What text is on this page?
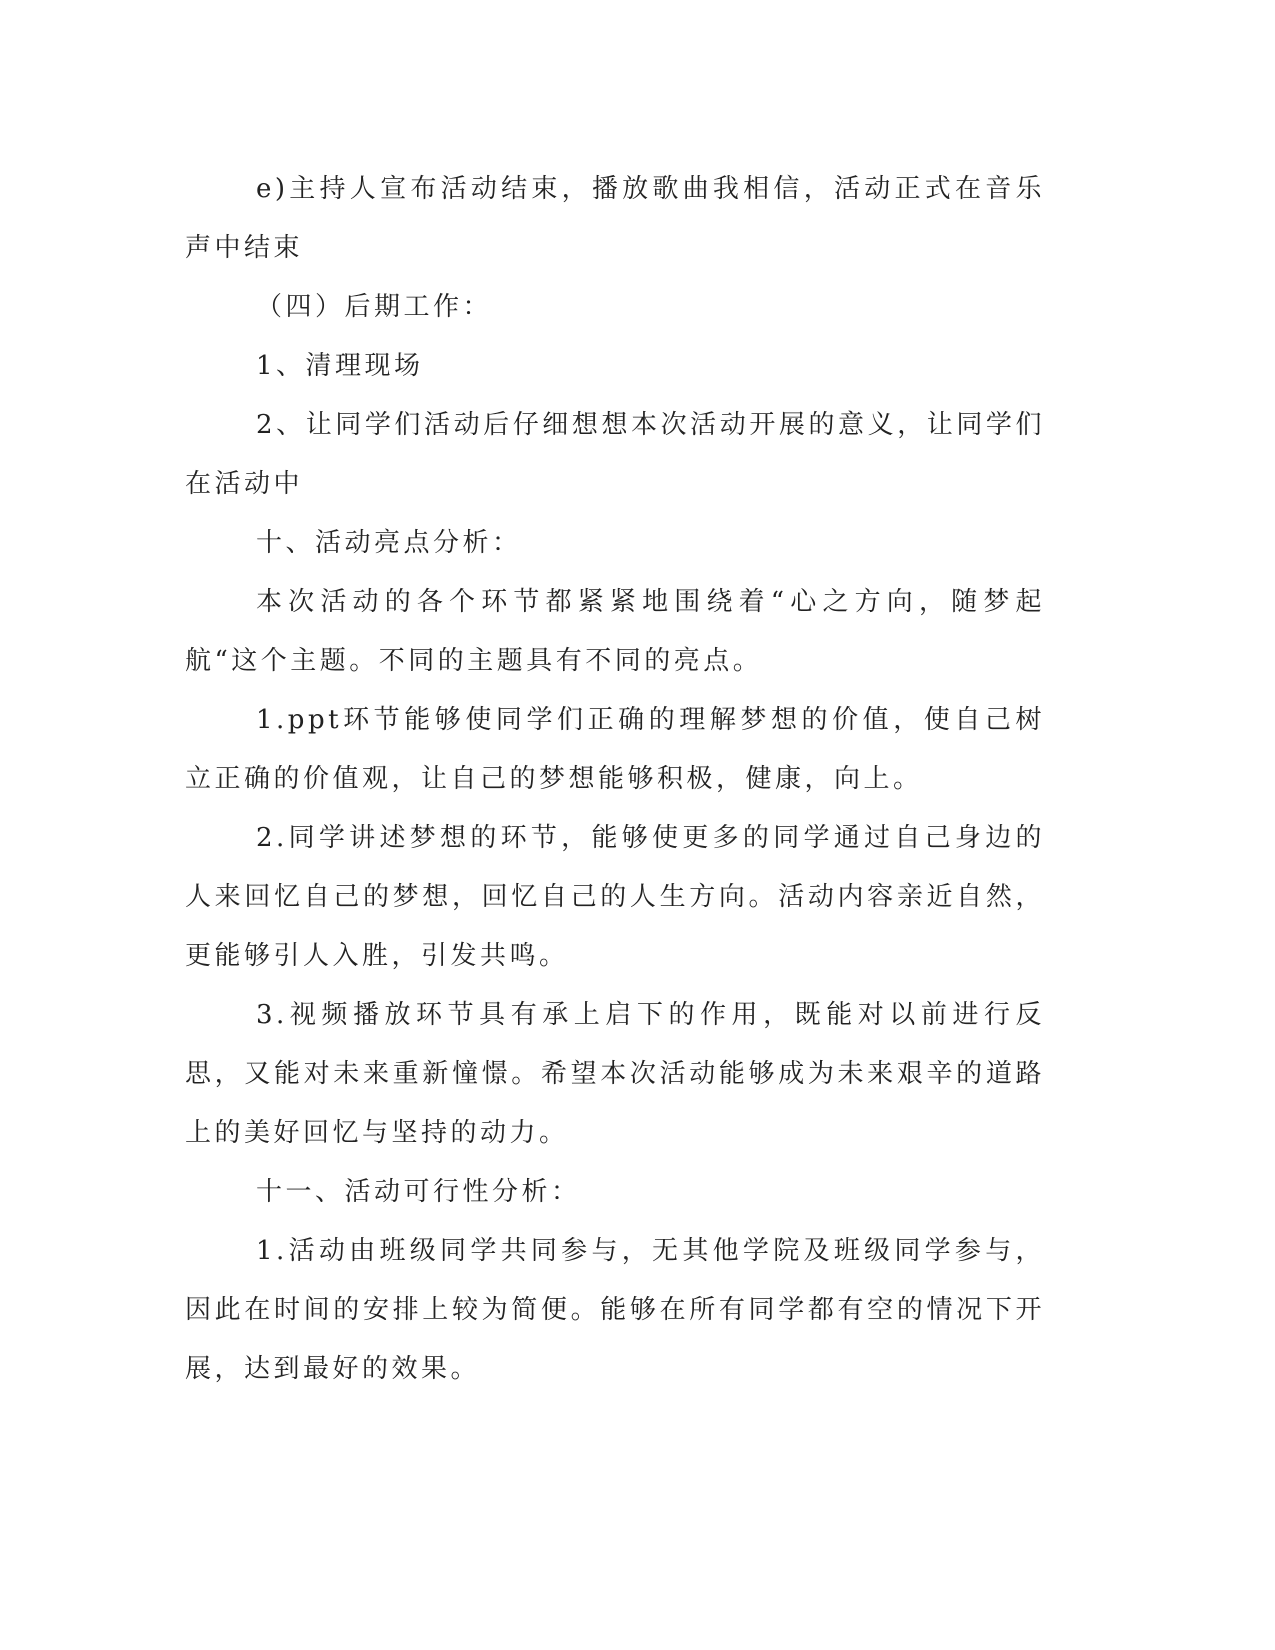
e)主持人宣布活动结束，播放歌曲我相信，活动正式在音乐声中结束

（四）后期工作：

1、清理现场

2、让同学们活动后仔细想想本次活动开展的意义，让同学们在活动中

十、活动亮点分析：

本次活动的各个环节都紧紧地围绕着“心之方向，随梦起航“这个主题。不同的主题具有不同的亮点。

1.ppt环节能够使同学们正确的理解梦想的价值，使自己树立正确的价值观，让自己的梦想能够积极，健康，向上。

2.同学讲述梦想的环节，能够使更多的同学通过自己身边的人来回忆自己的梦想，回忆自己的人生方向。活动内容亲近自然，更能够引人入胜，引发共鸣。

3.视频播放环节具有承上启下的作用，既能对以前进行反思，又能对未来重新憧憬。希望本次活动能够成为未来艰辛的道路上的美好回忆与坚持的动力。

十一、活动可行性分析：

1.活动由班级同学共同参与，无其他学院及班级同学参与，因此在时间的安排上较为简便。能够在所有同学都有空的情况下开展，达到最好的效果。
